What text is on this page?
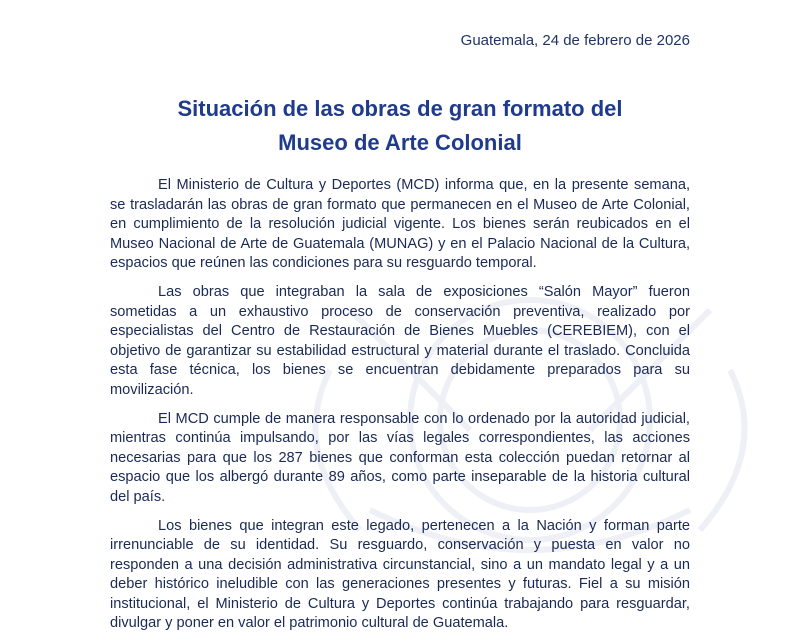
Guatemala, 24 de febrero de 2026
Situación de las obras de gran formato del
Museo de Arte Colonial

El Ministerio de Cultura y Deportes (MCD) informa que, en la presente semana, se trasladarán las obras de gran formato que permanecen en el Museo de Arte Colonial, en cumplimiento de la resolución judicial vigente. Los bienes serán reubicados en el Museo Nacional de Arte de Guatemala (MUNAG) y en el Palacio Nacional de la Cultura, espacios que reúnen las condiciones para su resguardo temporal.

Las obras que integraban la sala de exposiciones “Salón Mayor” fueron sometidas a un exhaustivo proceso de conservación preventiva, realizado por especialistas del Centro de Restauración de Bienes Muebles (CEREBIEM), con el objetivo de garantizar su estabilidad estructural y material durante el traslado. Concluida esta fase técnica, los bienes se encuentran debidamente preparados para su movilización.

El MCD cumple de manera responsable con lo ordenado por la autoridad judicial, mientras continúa impulsando, por las vías legales correspondientes, las acciones necesarias para que los 287 bienes que conforman esta colección puedan retornar al espacio que los albergó durante 89 años, como parte inseparable de la historia cultural del país.

Los bienes que integran este legado, pertenecen a la Nación y forman parte irrenunciable de su identidad. Su resguardo, conservación y puesta en valor no responden a una decisión administrativa circunstancial, sino a un mandato legal y a un deber histórico ineludible con las generaciones presentes y futuras. Fiel a su misión institucional, el Ministerio de Cultura y Deportes continúa trabajando para resguardar, divulgar y poner en valor el patrimonio cultural de Guatemala.
